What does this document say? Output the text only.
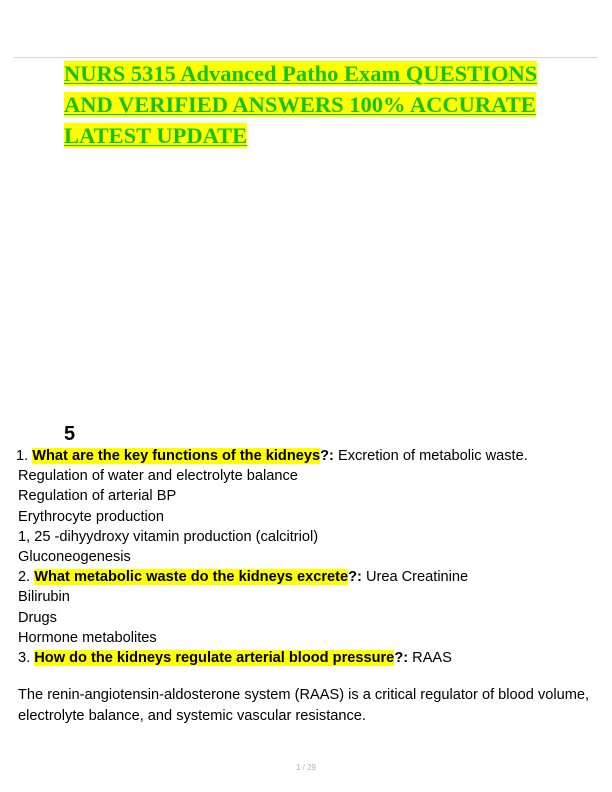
NURS 5315 Advanced Patho Exam QUESTIONS
AND VERIFIED ANSWERS 100% ACCURATE
LATEST UPDATE
5
1. What are the key functions of the kidneys?: Excretion of metabolic waste.
Regulation of water and electrolyte balance
Regulation of arterial BP
Erythrocyte production
1, 25 -dihyydroxy vitamin production (calcitriol)
Gluconeogenesis
2. What metabolic waste do the kidneys excrete?: Urea Creatinine
Bilirubin
Drugs
Hormone metabolites
3. How do the kidneys regulate arterial blood pressure?: RAAS
The renin-angiotensin-aldosterone system (RAAS) is a critical regulator of blood volume, electrolyte balance, and systemic vascular resistance.
1 / 29
